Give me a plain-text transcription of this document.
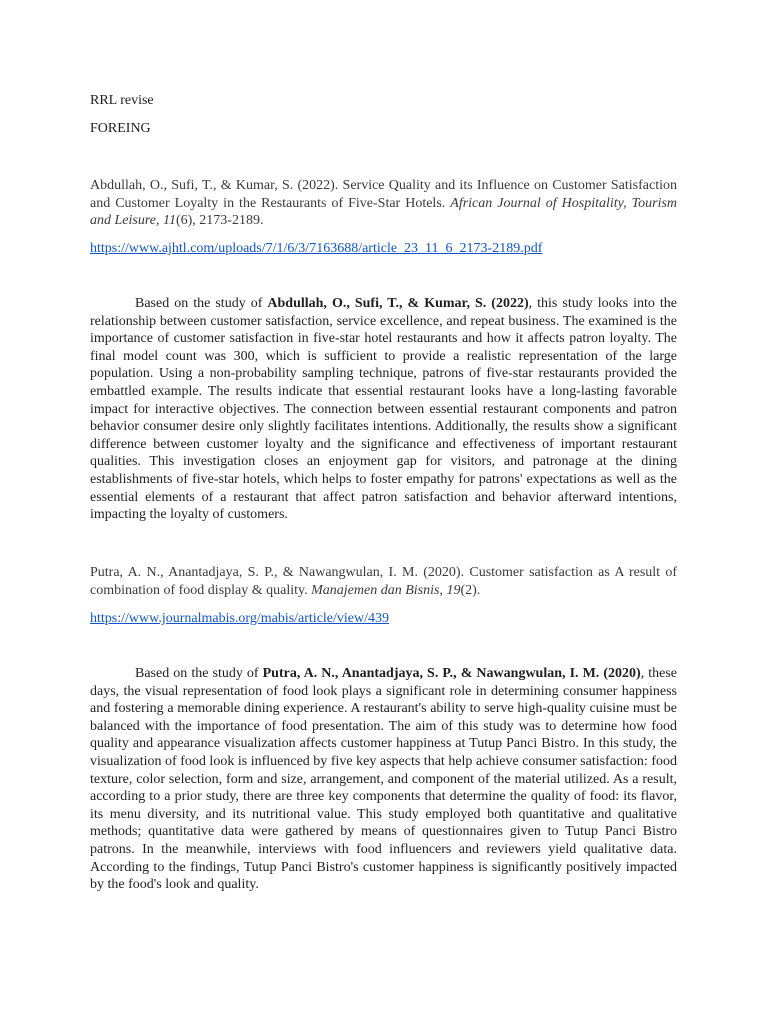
RRL revise

FOREING

Abdullah, O., Sufi, T., & Kumar, S. (2022). Service Quality and its Influence on Customer Satisfaction and Customer Loyalty in the Restaurants of Five-Star Hotels. African Journal of Hospitality, Tourism and Leisure, 11(6), 2173-2189.

https://www.ajhtl.com/uploads/7/1/6/3/7163688/article_23_11_6_2173-2189.pdf

Based on the study of Abdullah, O., Sufi, T., & Kumar, S. (2022), this study looks into the relationship between customer satisfaction, service excellence, and repeat business. The examined is the importance of customer satisfaction in five-star hotel restaurants and how it affects patron loyalty. The final model count was 300, which is sufficient to provide a realistic representation of the large population. Using a non-probability sampling technique, patrons of five-star restaurants provided the embattled example. The results indicate that essential restaurant looks have a long-lasting favorable impact for interactive objectives. The connection between essential restaurant components and patron behavior consumer desire only slightly facilitates intentions. Additionally, the results show a significant difference between customer loyalty and the significance and effectiveness of important restaurant qualities. This investigation closes an enjoyment gap for visitors, and patronage at the dining establishments of five-star hotels, which helps to foster empathy for patrons' expectations as well as the essential elements of a restaurant that affect patron satisfaction and behavior afterward intentions, impacting the loyalty of customers.

Putra, A. N., Anantadjaya, S. P., & Nawangwulan, I. M. (2020). Customer satisfaction as A result of combination of food display & quality. Manajemen dan Bisnis, 19(2).

https://www.journalmabis.org/mabis/article/view/439

Based on the study of Putra, A. N., Anantadjaya, S. P., & Nawangwulan, I. M. (2020), these days, the visual representation of food look plays a significant role in determining consumer happiness and fostering a memorable dining experience. A restaurant's ability to serve high-quality cuisine must be balanced with the importance of food presentation. The aim of this study was to determine how food quality and appearance visualization affects customer happiness at Tutup Panci Bistro. In this study, the visualization of food look is influenced by five key aspects that help achieve consumer satisfaction: food texture, color selection, form and size, arrangement, and component of the material utilized. As a result, according to a prior study, there are three key components that determine the quality of food: its flavor, its menu diversity, and its nutritional value. This study employed both quantitative and qualitative methods; quantitative data were gathered by means of questionnaires given to Tutup Panci Bistro patrons. In the meanwhile, interviews with food influencers and reviewers yield qualitative data. According to the findings, Tutup Panci Bistro's customer happiness is significantly positively impacted by the food's look and quality.
